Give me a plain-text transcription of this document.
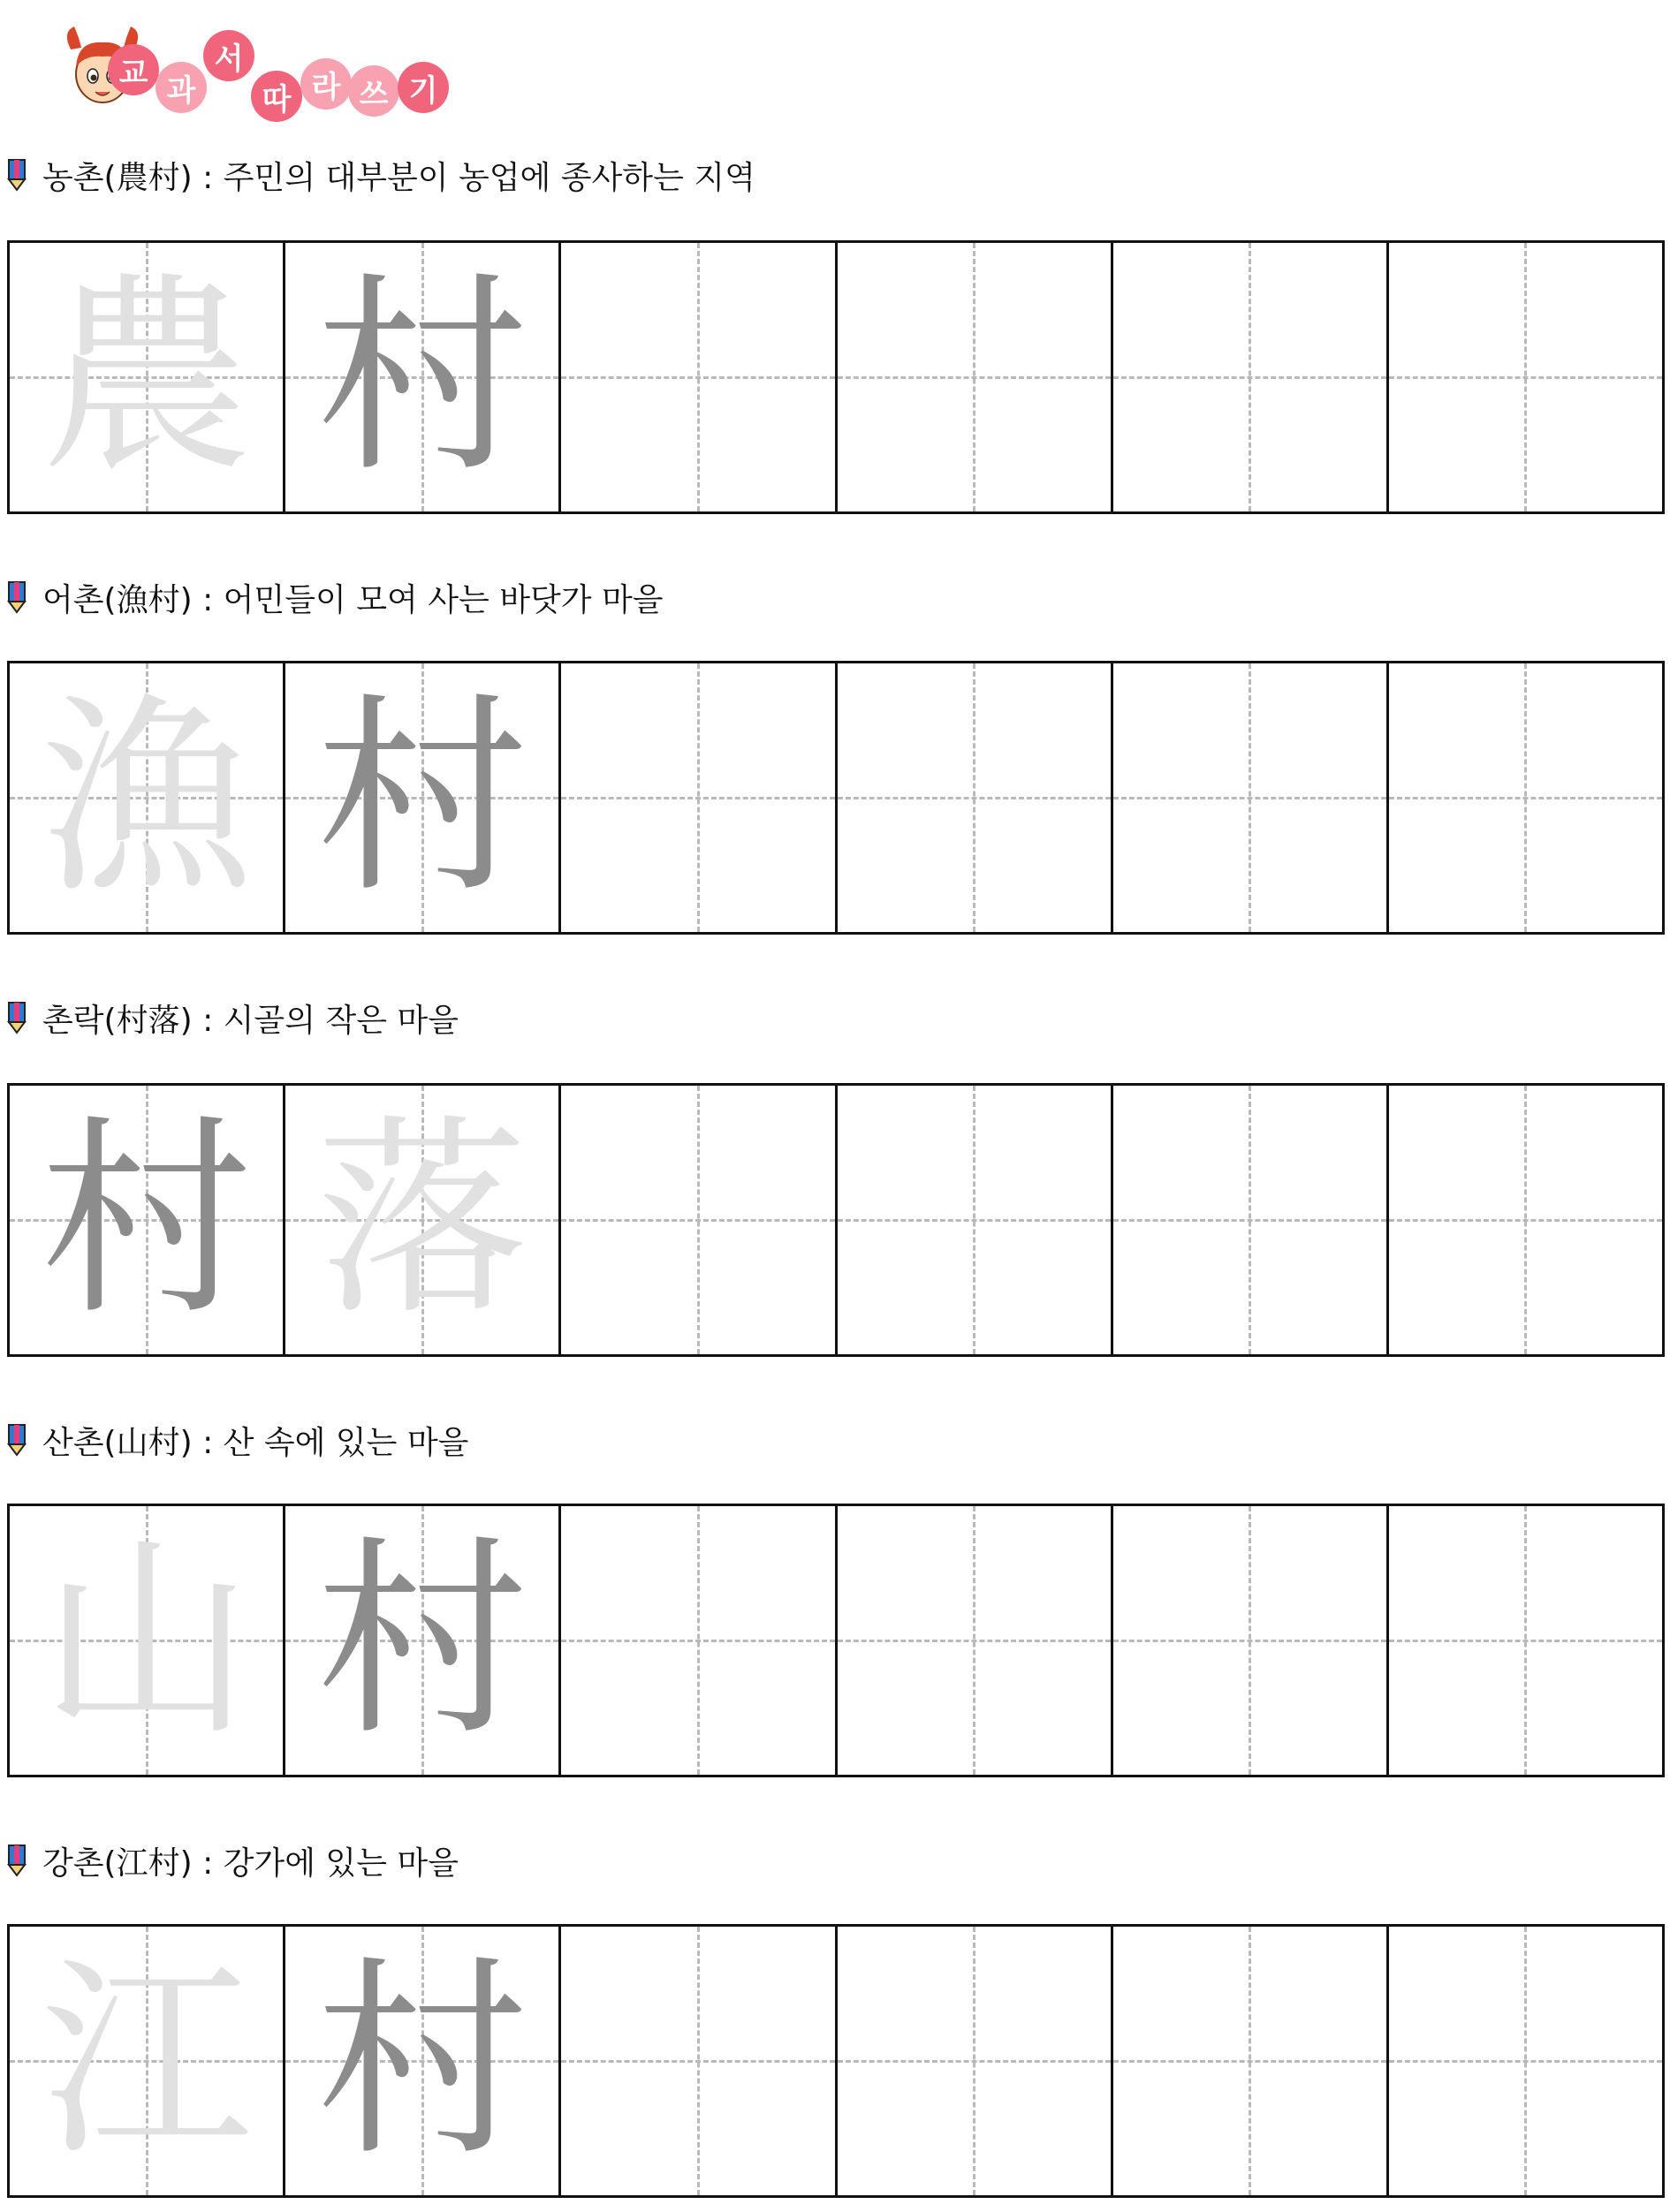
교 과
서
따 라 쓰 기
농촌(農村) : 주민의 대부분이 농업에 종사하는 지역
農 村
어촌(漁村) : 어민들이 모여 사는 바닷가 마을
漁 村
촌락(村落) : 시골의 작은 마을
村 落
산촌(山村) : 산 속에 있는 마을
山 村
강촌(江村) : 강가에 있는 마을
江 村
